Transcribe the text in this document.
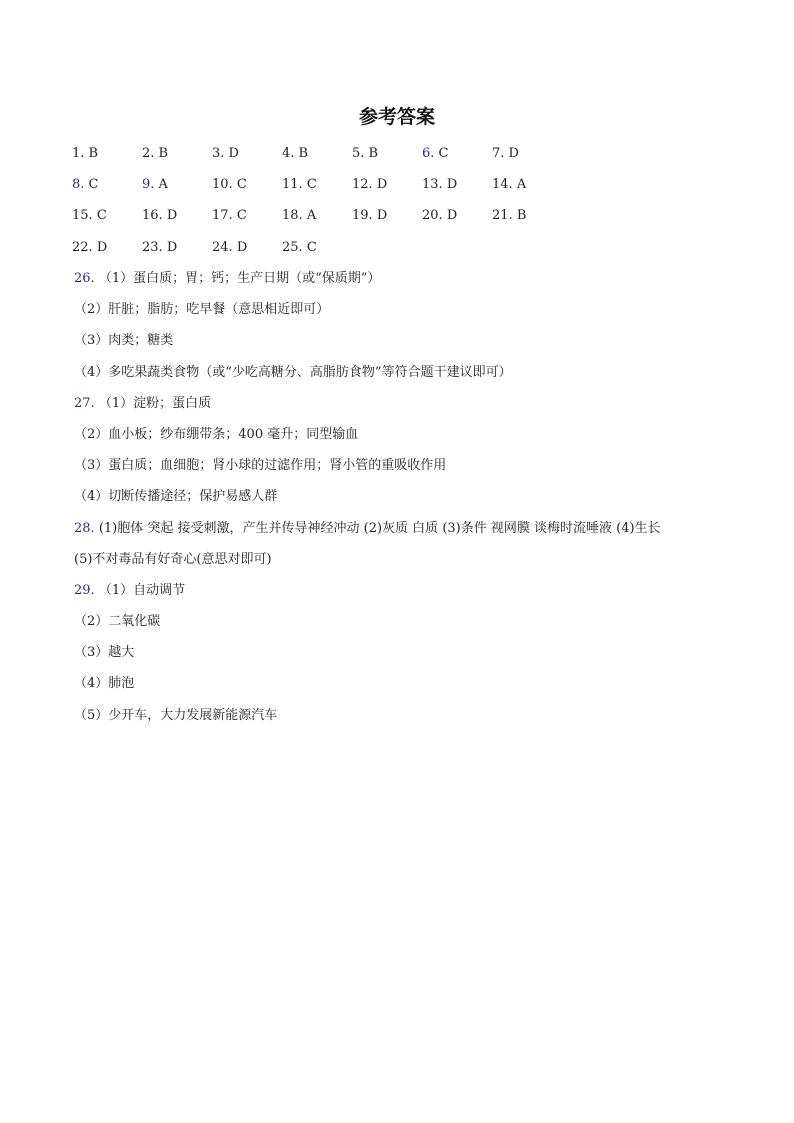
参考答案
1. B	2. B	3. D	4. B	5. B	6. C	7. D
8. C	9. A	10. C	11. C	12. D	13. D	14. A
15. C	16. D	17. C	18. A	19. D	20. D	21. B
22. D	23. D	24. D	25. C
26. （1）蛋白质；胃；钙；生产日期（或“保质期”）
（2）肝脏；脂肪；吃早餐（意思相近即可）
（3）肉类；糖类
（4）多吃果蔬类食物（或“少吃高糖分、高脂肪食物”等符合题干建议即可）
27. （1）淀粉；蛋白质
（2）血小板；纱布绷带条；400 毫升；同型输血
（3）蛋白质；血细胞；肾小球的过滤作用；肾小管的重吸收作用
（4）切断传播途径；保护易感人群
28. (1)胞体 突起 接受刺激，产生并传导神经冲动 (2)灰质 白质 (3)条件 视网膜 谈梅时流唾液 (4)生长
(5)不对毒品有好奇心(意思对即可)
29. （1）自动调节
（2）二氧化碳
（3）越大
（4）肺泡
（5）少开车，大力发展新能源汽车
